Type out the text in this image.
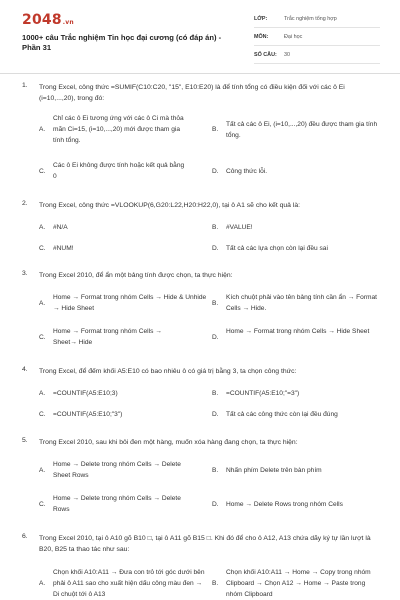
2048.vn
1000+ câu Trắc nghiệm Tin học đại cương (có đáp án) - Phần 31
LỚP:	Trắc nghiệm tổng hợp
MÔN:	Đại học
SỐ CÂU: 30
1. Trong Excel, công thức =SUMIF(C10:C20, "15", E10:E20) là để tính tổng có điều kiện đối với các ô Ei (i=10,...,20), trong đó:
A.
Chỉ các ô Ei tương ứng với các ô Ci mà thỏa mãn Ci=15, (i=10,...,20) mới được tham gia tính tổng.
B.
Tất cả các ô Ei, (i=10,...,20) đều được tham gia tính tổng.
C.
Các ô Ei không được tính hoặc kết quả bằng 0
D. Công thức lỗi.
2. Trong Excel, công thức =VLOOKUP(6,G20:L22,H20:H22,0), tại ô A1 sẽ cho kết quả là:
A. #N/A	B. #VALUE!
C. #NUM!	D. Tất cả các lựa chọn còn lại đều sai
3. Trong Excel 2010, để ẩn một bảng tính được chọn, ta thực hiện:
A.
Home → Format trong nhóm Cells → Hide & Unhide → Hide Sheet
B.
Kích chuột phải vào tên bảng tính cần ẩn → Format Cells → Hide.
C.
Home → Format trong nhóm Cells → Sheet→ Hide
D.
Home → Format trong nhóm Cells → Hide Sheet
4. Trong Excel, để đếm khối A5:E10 có bao nhiêu ô có giá trị bằng 3, ta chọn công thức:
A. =COUNTIF(A5:E10;3)	B. =COUNTIF(A5:E10;"=3")
C. =COUNTIF(A5:E10;"3")	D. Tất cả các công thức còn lại đều đúng
5. Trong Excel 2010, sau khi bôi đen một hàng, muốn xóa hàng đang chọn, ta thực hiện:
A.
Home → Delete trong nhóm Cells → Delete Sheet Rows
B. Nhấn phím Delete trên bàn phím
C.
Home → Delete trong nhóm Cells → Delete Rows
D. Home → Delete Rows trong nhóm Cells
6. Trong Excel 2010, tại ô A10 gõ B10 □, tại ô A11 gõ B15 □. Khi đó để cho ô A12, A13 chứa dãy ký tự lần lượt là B20, B25 ta thao tác như sau:
A.
Chọn khối A10:A11 → Đưa con trỏ tới góc dưới bên phải ô A11 sao cho xuất hiện dấu công màu đen → Di chuột tới ô A13
B.
Chọn khối A10:A11 → Home → Copy trong nhóm Clipboard → Chọn A12 → Home → Paste trong nhóm Clipboard
